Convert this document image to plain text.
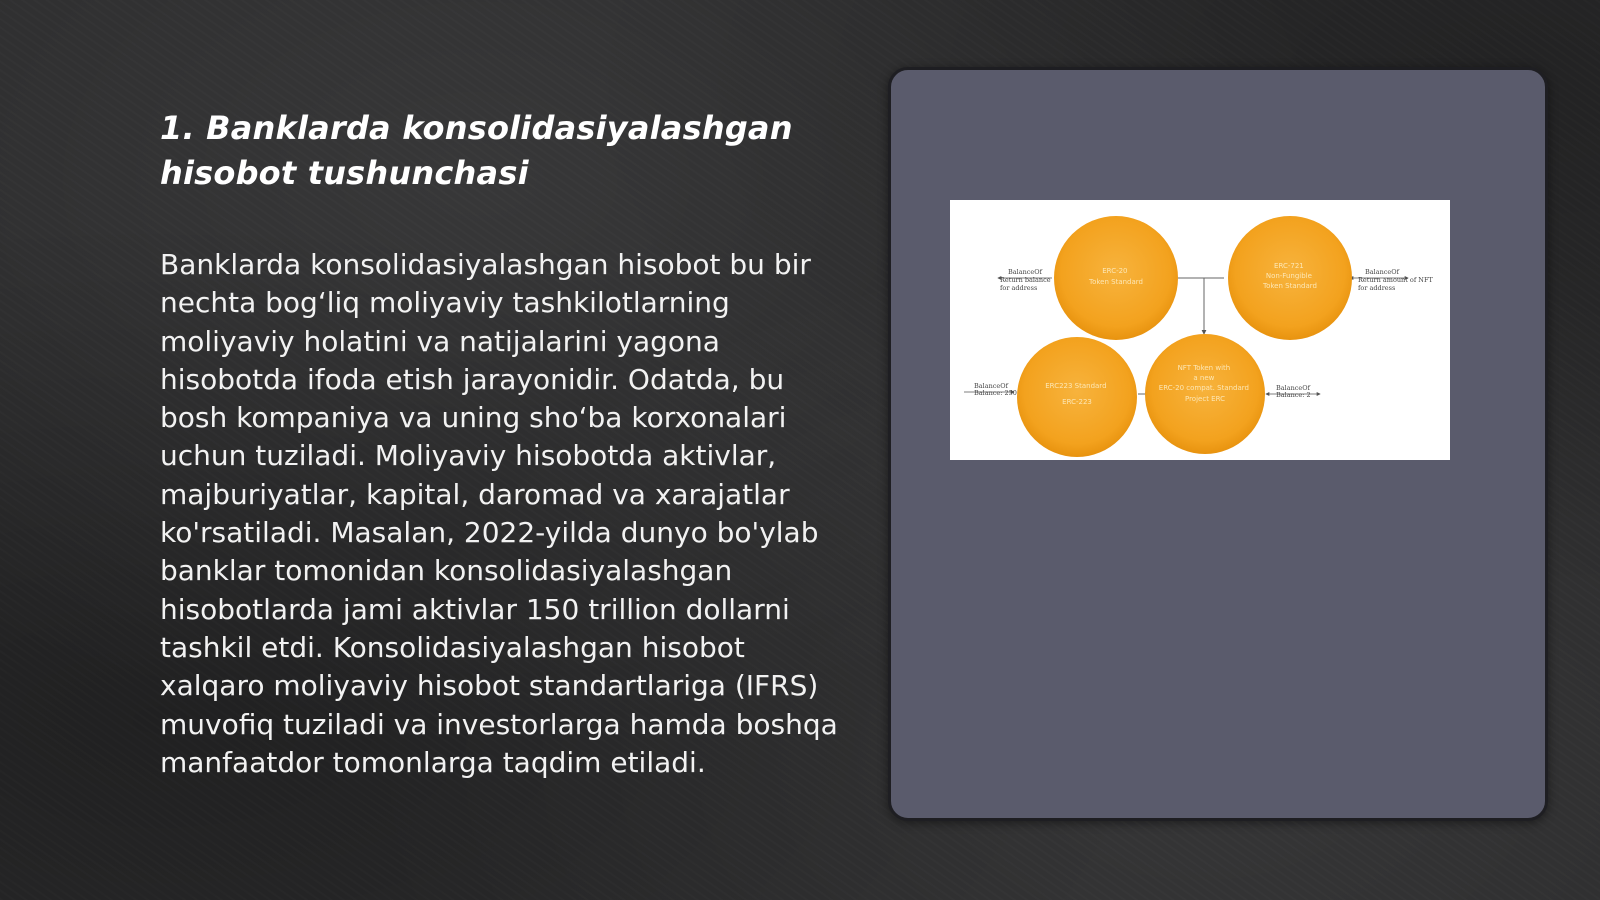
1. Banklarda konsolidasiyalashgan hisobot tushunchasi

Banklarda konsolidasiyalashgan hisobot bu bir nechta bog‘liq moliyaviy tashkilotlarning moliyaviy holatini va natijalarini yagona hisobotda ifoda etish jarayonidir. Odatda, bu bosh kompaniya va uning sho‘ba korxonalari uchun tuziladi. Moliyaviy hisobotda aktivlar, majburiyatlar, kapital, daromad va xarajatlar ko'rsatiladi. Masalan, 2022-yilda dunyo bo'ylab banklar tomonidan konsolidasiyalashgan hisobotlarda jami aktivlar 150 trillion dollarni tashkil etdi. Konsolidasiyalashgan hisobot xalqaro moliyaviy hisobot standartlariga (IFRS) muvofiq tuziladi va investorlarga hamda boshqa manfaatdor tomonlarga taqdim etiladi.

ERC-20 Token Standard
ERC-721 Non-Fungible Token Standard
ERC223 Standard ERC-223
NFT Token with a new ERC-20 compat. Standard Project ERC
BalanceOf Return balance for address
BalanceOf Return amount of NFT for address
BalanceOf Balance: 250
BalanceOf Balance: 2
